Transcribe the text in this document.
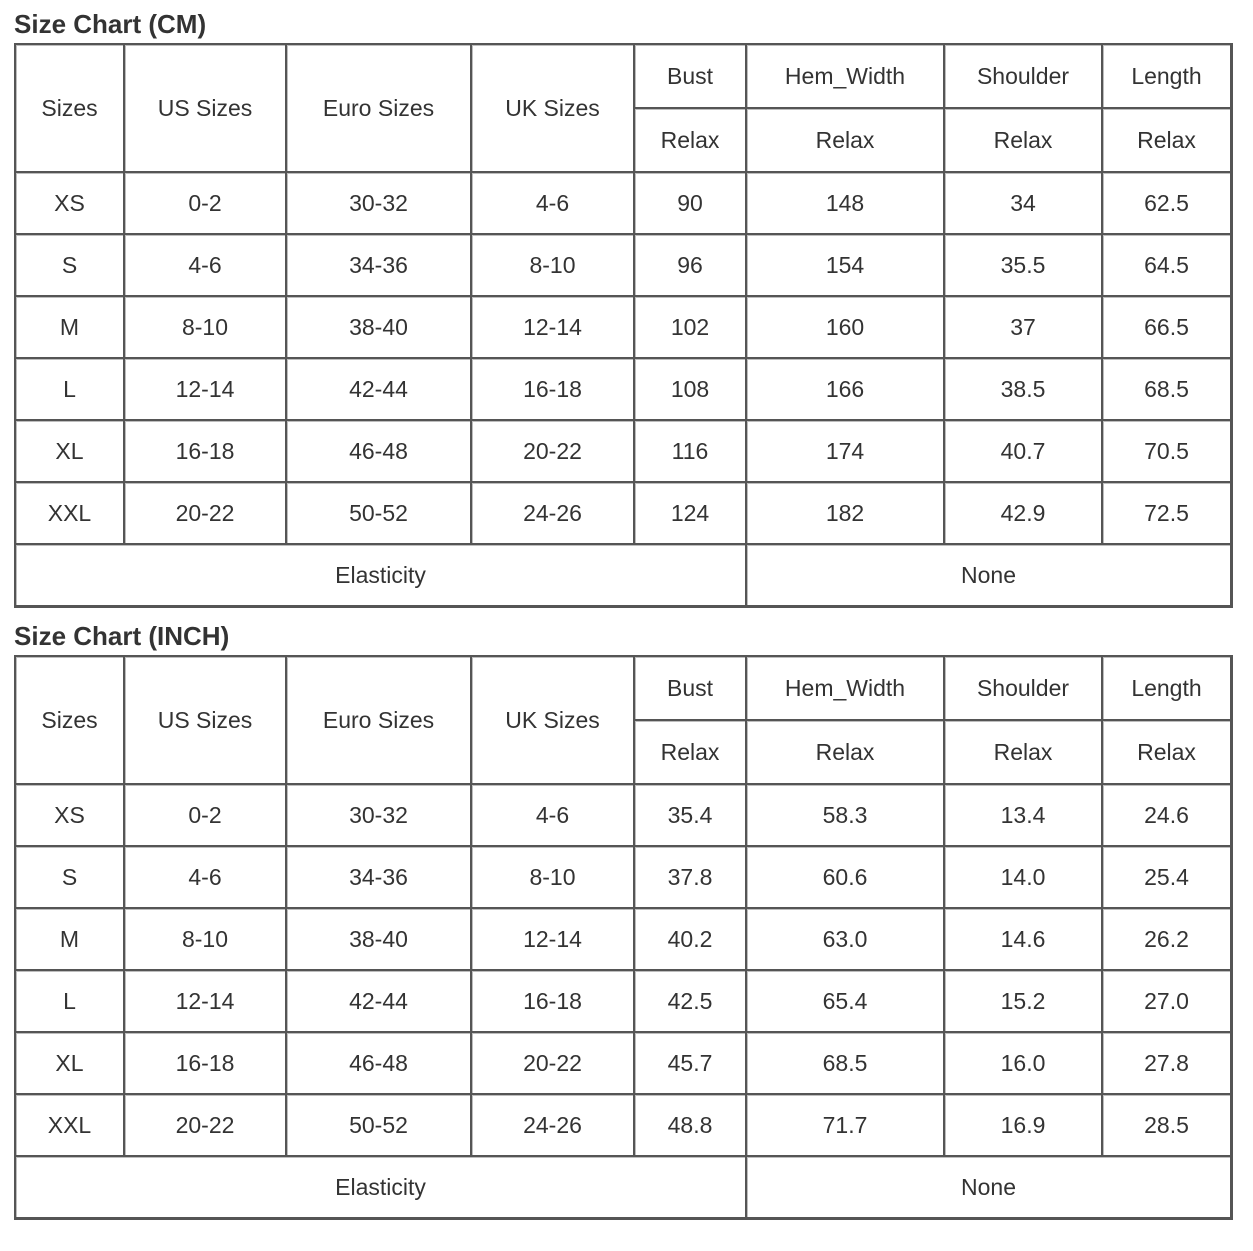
Size Chart (CM)
Sizes	US Sizes	Euro Sizes	UK Sizes	Bust	Hem_Width	Shoulder	Length
				Relax	Relax	Relax	Relax
XS	0-2	30-32	4-6	90	148	34	62.5
S	4-6	34-36	8-10	96	154	35.5	64.5
M	8-10	38-40	12-14	102	160	37	66.5
L	12-14	42-44	16-18	108	166	38.5	68.5
XL	16-18	46-48	20-22	116	174	40.7	70.5
XXL	20-22	50-52	24-26	124	182	42.9	72.5
Elasticity					None		
Size Chart (INCH)
Sizes	US Sizes	Euro Sizes	UK Sizes	Bust	Hem_Width	Shoulder	Length
				Relax	Relax	Relax	Relax
XS	0-2	30-32	4-6	35.4	58.3	13.4	24.6
S	4-6	34-36	8-10	37.8	60.6	14.0	25.4
M	8-10	38-40	12-14	40.2	63.0	14.6	26.2
L	12-14	42-44	16-18	42.5	65.4	15.2	27.0
XL	16-18	46-48	20-22	45.7	68.5	16.0	27.8
XXL	20-22	50-52	24-26	48.8	71.7	16.9	28.5
Elasticity					None		
